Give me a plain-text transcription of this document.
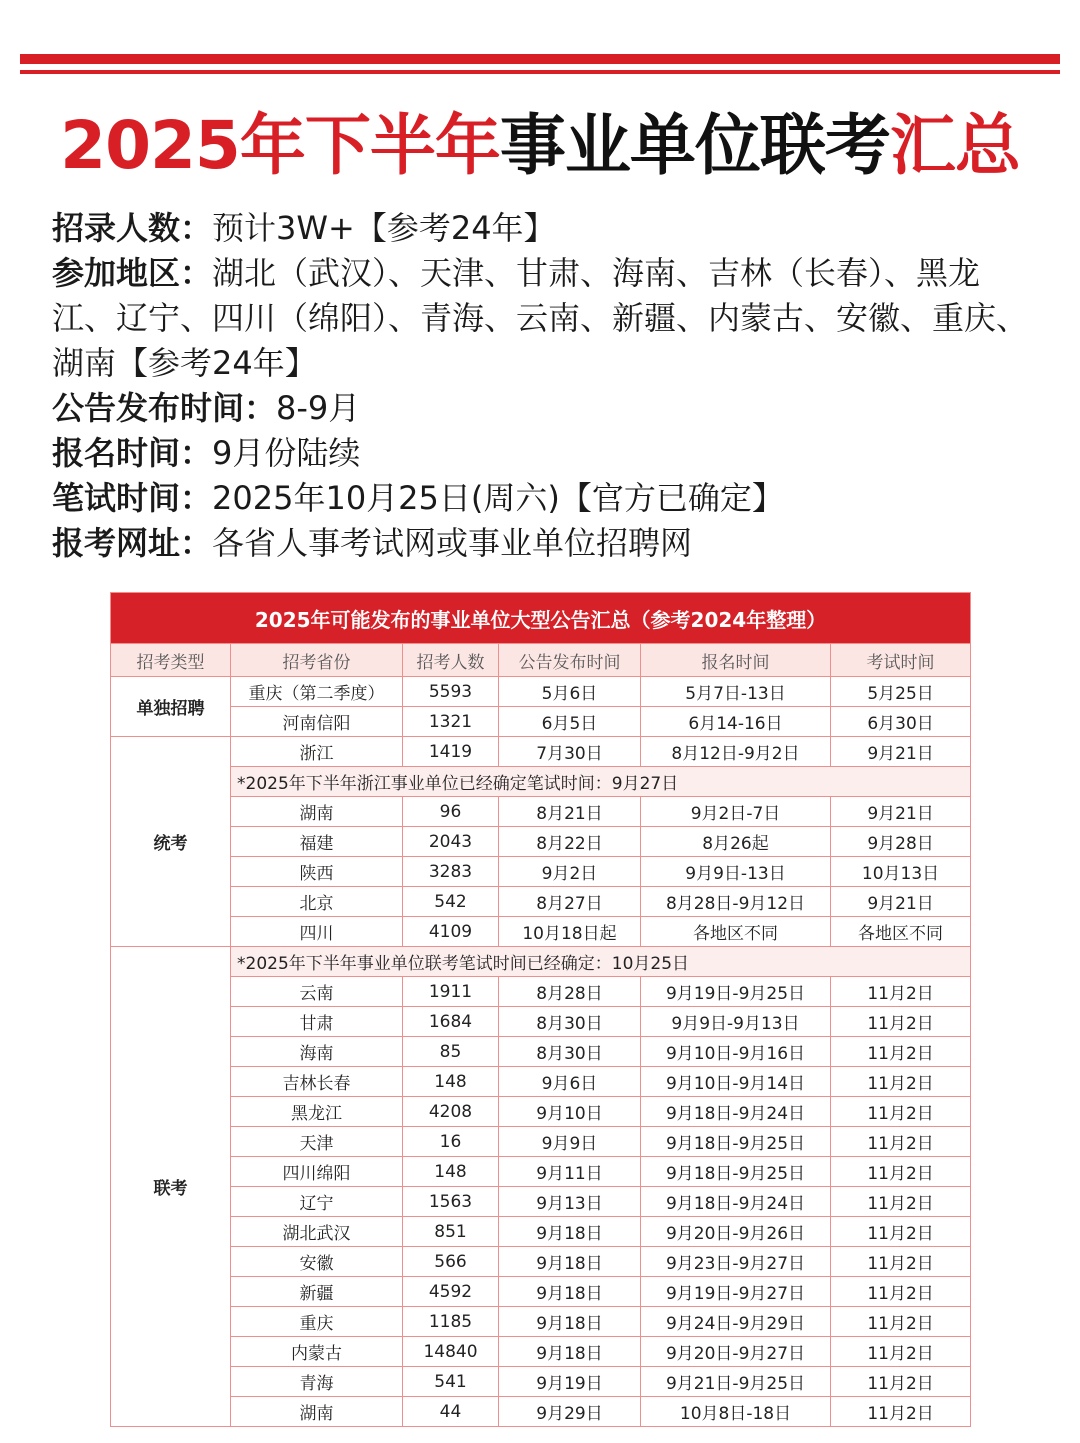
2025年下半年事业单位联考汇总

招录人数：预计3W+【参考24年】

参加地区：湖北（武汉）、天津、甘肃、海南、吉林（长春）、黑龙江、辽宁、四川（绵阳）、青海、云南、新疆、内蒙古、安徽、重庆、湖南【参考24年】

公告发布时间：8-9月

报名时间：9月份陆续

笔试时间：2025年10月25日(周六)【官方已确定】

报考网址：各省人事考试网或事业单位招聘网

2025年可能发布的事业单位大型公告汇总（参考2024年整理）					
招考类型	招考省份	招考人数	公告发布时间	报名时间	考试时间
单独招聘	重庆（第二季度）	5593	5月6日	5月7日-13日	5月25日
	河南信阳	1321	6月5日	6月14-16日	6月30日
统考	浙江	1419	7月30日	8月12日-9月2日	9月21日
	*2025年下半年浙江事业单位已经确定笔试时间：9月27日				
	湖南	96	8月21日	9月2日-7日	9月21日
	福建	2043	8月22日	8月26起	9月28日
	陕西	3283	9月2日	9月9日-13日	10月13日
	北京	542	8月27日	8月28日-9月12日	9月21日
	四川	4109	10月18日起	各地区不同	各地区不同
联考	*2025年下半年事业单位联考笔试时间已经确定：10月25日				
	云南	1911	8月28日	9月19日-9月25日	11月2日
	甘肃	1684	8月30日	9月9日-9月13日	11月2日
	海南	85	8月30日	9月10日-9月16日	11月2日
	吉林长春	148	9月6日	9月10日-9月14日	11月2日
	黑龙江	4208	9月10日	9月18日-9月24日	11月2日
	天津	16	9月9日	9月18日-9月25日	11月2日
	四川绵阳	148	9月11日	9月18日-9月25日	11月2日
	辽宁	1563	9月13日	9月18日-9月24日	11月2日
	湖北武汉	851	9月18日	9月20日-9月26日	11月2日
	安徽	566	9月18日	9月23日-9月27日	11月2日
	新疆	4592	9月18日	9月19日-9月27日	11月2日
	重庆	1185	9月18日	9月24日-9月29日	11月2日
	内蒙古	14840	9月18日	9月20日-9月27日	11月2日
	青海	541	9月19日	9月21日-9月25日	11月2日
	湖南	44	9月29日	10月8日-18日	11月2日
